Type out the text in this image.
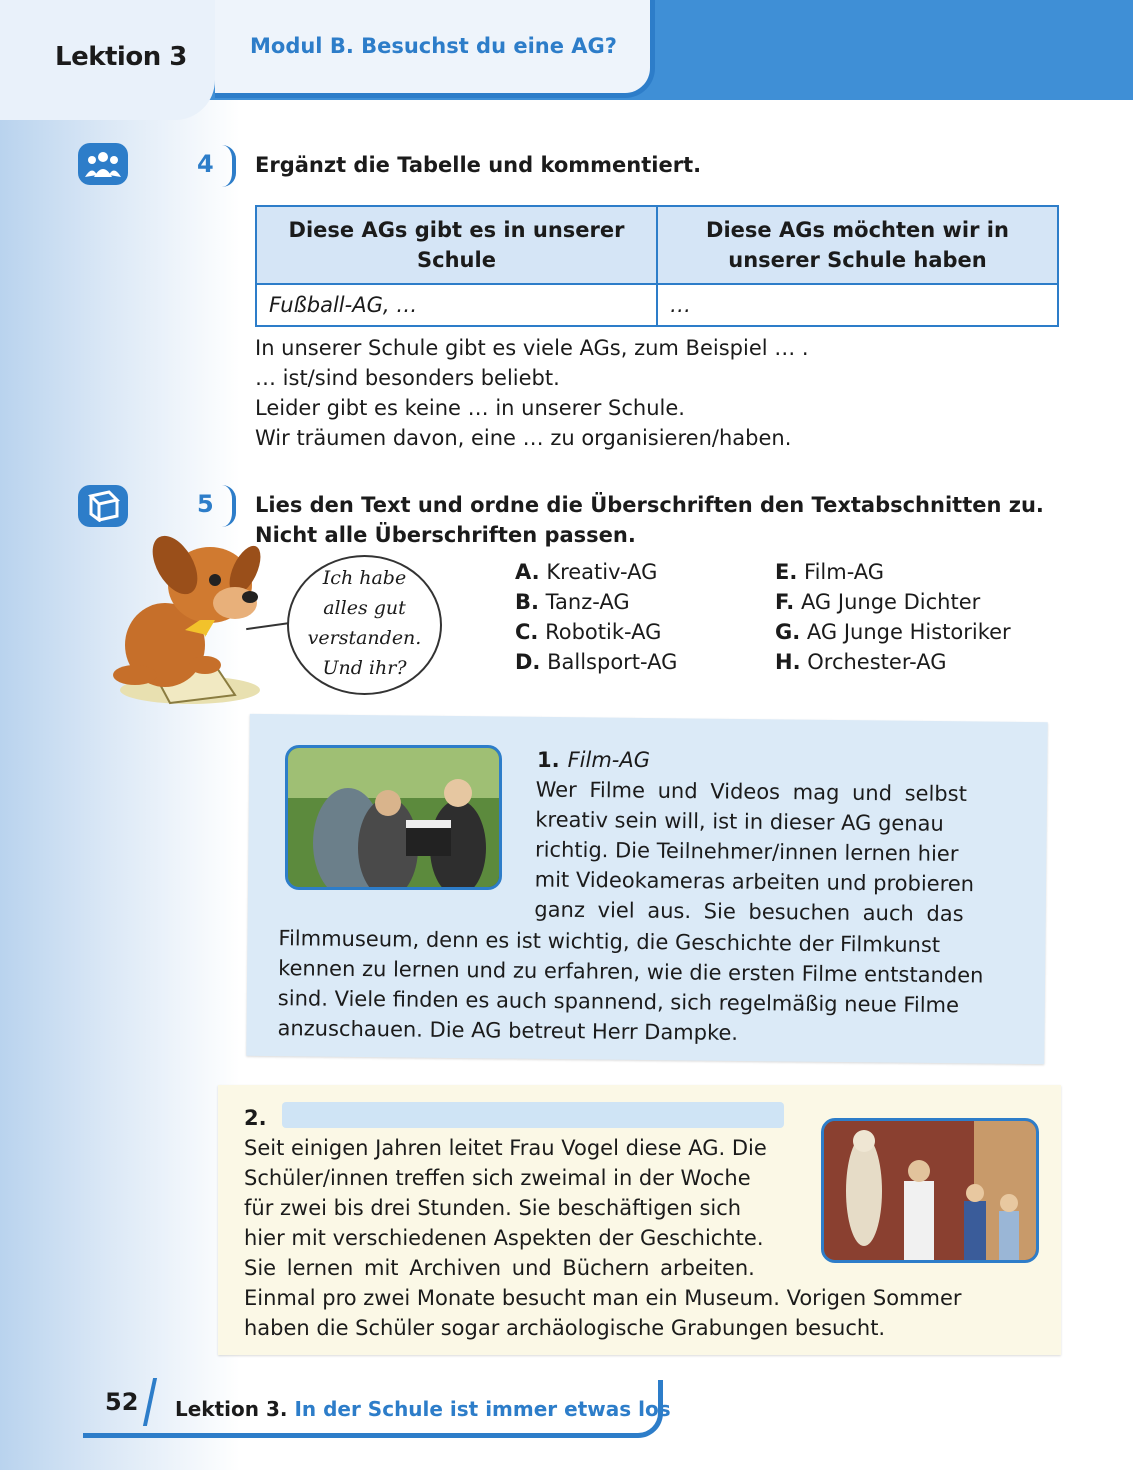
Lektion 3	Modul B. Besuchst du eine AG?
4 Ergänzt die Tabelle und kommentiert.
Diese AGs gibt es in unserer Schule	Diese AGs möchten wir in unserer Schule haben
Fußball-AG, …	…
In unserer Schule gibt es viele AGs, zum Beispiel … .
… ist/sind besonders beliebt.
Leider gibt es keine … in unserer Schule.
Wir träumen davon, eine … zu organisieren/haben.
5 Lies den Text und ordne die Überschriften den Textabschnitten zu.
Nicht alle Überschriften passen.
Ich habe
alles gut
verstanden.
Und ihr?
A. Kreativ-AG
B. Tanz-AG
C. Robotik-AG
D. Ballsport-AG
E. Film-AG
F. AG Junge Dichter
G. AG Junge Historiker
H. Orchester-AG
1. Film-AG
Wer Filme und Videos mag und selbst
kreativ sein will, ist in dieser AG genau
richtig. Die Teilnehmer/innen lernen hier
mit Videokameras arbeiten und probieren
ganz viel aus. Sie besuchen auch das
Filmmuseum, denn es ist wichtig, die Geschichte der Filmkunst
kennen zu lernen und zu erfahren, wie die ersten Filme entstanden
sind. Viele finden es auch spannend, sich regelmäßig neue Filme
anzuschauen. Die AG betreut Herr Dampke.
2.
Seit einigen Jahren leitet Frau Vogel diese AG. Die
Schüler/innen treffen sich zweimal in der Woche
für zwei bis drei Stunden. Sie beschäftigen sich
hier mit verschiedenen Aspekten der Geschichte.
Sie lernen mit Archiven und Büchern arbeiten.
Einmal pro zwei Monate besucht man ein Museum. Vorigen Sommer
haben die Schüler sogar archäologische Grabungen besucht.
52 Lektion 3. In der Schule ist immer etwas los
